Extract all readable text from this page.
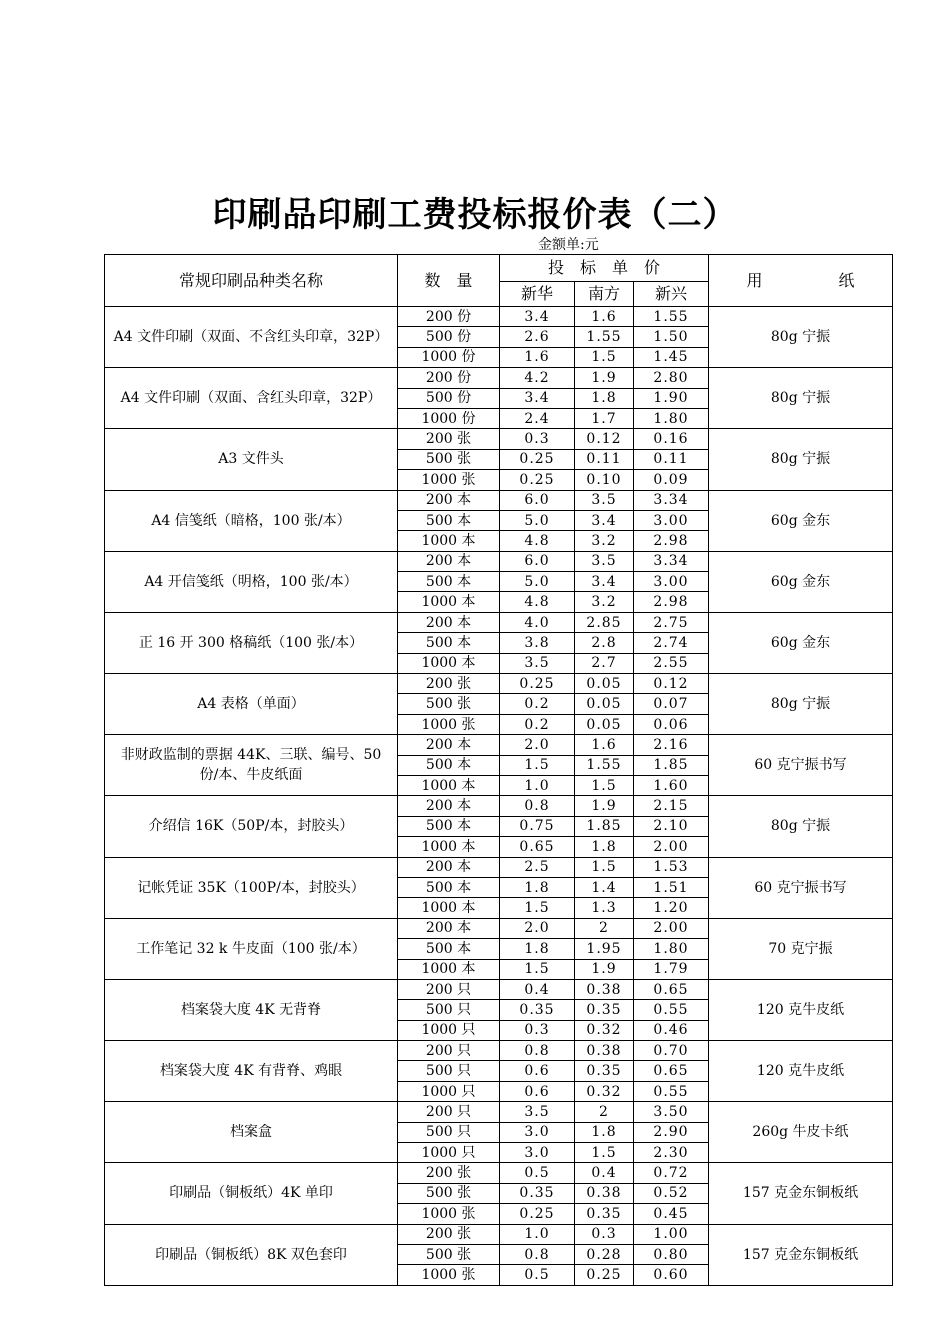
印刷品印刷工费投标报价表（二）
金额单:元
常规印刷品种类名称	数　量	投　标　单　价			用　纸
		新华	南方	新兴	
A4 文件印刷（双面、不含红头印章，32P）	200 份	3.4	1.6	1.55	80g 宁振
	500 份	2.6	1.55	1.50	
	1000 份	1.6	1.5	1.45	
A4 文件印刷（双面、含红头印章，32P）	200 份	4.2	1.9	2.80	80g 宁振
	500 份	3.4	1.8	1.90	
	1000 份	2.4	1.7	1.80	
A3 文件头	200 张	0.3	0.12	0.16	80g 宁振
	500 张	0.25	0.11	0.11	
	1000 张	0.25	0.10	0.09	
A4 信笺纸（暗格，100 张/本）	200 本	6.0	3.5	3.34	60g 金东
	500 本	5.0	3.4	3.00	
	1000 本	4.8	3.2	2.98	
A4 开信笺纸（明格，100 张/本）	200 本	6.0	3.5	3.34	60g 金东
	500 本	5.0	3.4	3.00	
	1000 本	4.8	3.2	2.98	
正 16 开 300 格稿纸（100 张/本）	200 本	4.0	2.85	2.75	60g 金东
	500 本	3.8	2.8	2.74	
	1000 本	3.5	2.7	2.55	
A4 表格（单面）	200 张	0.25	0.05	0.12	80g 宁振
	500 张	0.2	0.05	0.07	
	1000 张	0.2	0.05	0.06	
非财政监制的票据 44K、三联、编号、50 份/本、牛皮纸面	200 本	2.0	1.6	2.16	60 克宁振书写
	500 本	1.5	1.55	1.85	
	1000 本	1.0	1.5	1.60	
介绍信 16K（50P/本，封胶头）	200 本	0.8	1.9	2.15	80g 宁振
	500 本	0.75	1.85	2.10	
	1000 本	0.65	1.8	2.00	
记帐凭证 35K（100P/本，封胶头）	200 本	2.5	1.5	1.53	60 克宁振书写
	500 本	1.8	1.4	1.51	
	1000 本	1.5	1.3	1.20	
工作笔记 32 k 牛皮面（100 张/本）	200 本	2.0	2	2.00	70 克宁振
	500 本	1.8	1.95	1.80	
	1000 本	1.5	1.9	1.79	
档案袋大度 4K 无背脊	200 只	0.4	0.38	0.65	120 克牛皮纸
	500 只	0.35	0.35	0.55	
	1000 只	0.3	0.32	0.46	
档案袋大度 4K 有背脊、鸡眼	200 只	0.8	0.38	0.70	120 克牛皮纸
	500 只	0.6	0.35	0.65	
	1000 只	0.6	0.32	0.55	
档案盒	200 只	3.5	2	3.50	260g 牛皮卡纸
	500 只	3.0	1.8	2.90	
	1000 只	3.0	1.5	2.30	
印刷品（铜板纸）4K 单印	200 张	0.5	0.4	0.72	157 克金东铜板纸
	500 张	0.35	0.38	0.52	
	1000 张	0.25	0.35	0.45	
印刷品（铜板纸）8K 双色套印	200 张	1.0	0.3	1.00	157 克金东铜板纸
	500 张	0.8	0.28	0.80	
	1000 张	0.5	0.25	0.60	
